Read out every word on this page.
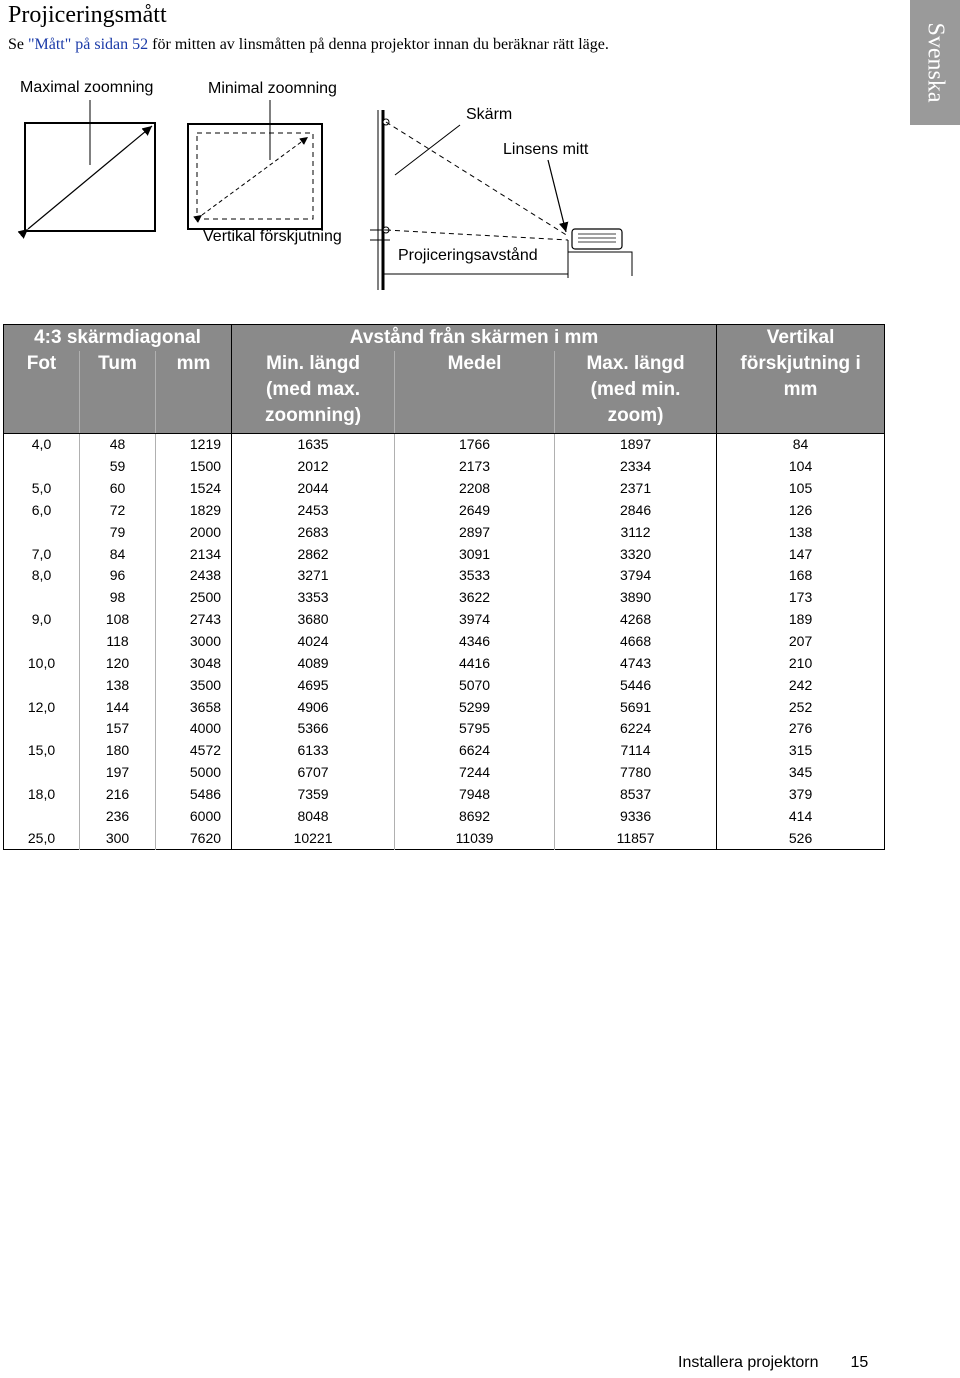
Projiceringsmått
Se "Mått" på sidan 52 för mitten av linsmåtten på denna projektor innan du beräknar rätt läge.	Svenska
Maximal zoomning	Minimal zoomning
Skärm
Linsens mitt
Vertikal förskjutning
Projiceringsavstånd
4:3 skärmdiagonal			Avstånd från skärmen i mm			Vertikal förskjutning i mm
Fot	Tum	mm	Min. längd (med max. zoomning)	Medel	Max. längd (med min. zoom)	
4,0	48	1219	1635	1766	1897	84
	59	1500	2012	2173	2334	104
5,0	60	1524	2044	2208	2371	105
6,0	72	1829	2453	2649	2846	126
	79	2000	2683	2897	3112	138
7,0	84	2134	2862	3091	3320	147
8,0	96	2438	3271	3533	3794	168
	98	2500	3353	3622	3890	173
9,0	108	2743	3680	3974	4268	189
	118	3000	4024	4346	4668	207
10,0	120	3048	4089	4416	4743	210
	138	3500	4695	5070	5446	242
12,0	144	3658	4906	5299	5691	252
	157	4000	5366	5795	6224	276
15,0	180	4572	6133	6624	7114	315
	197	5000	6707	7244	7780	345
18,0	216	5486	7359	7948	8537	379
	236	6000	8048	8692	9336	414
25,0	300	7620	10221	11039	11857	526
Installera projektorn 15
